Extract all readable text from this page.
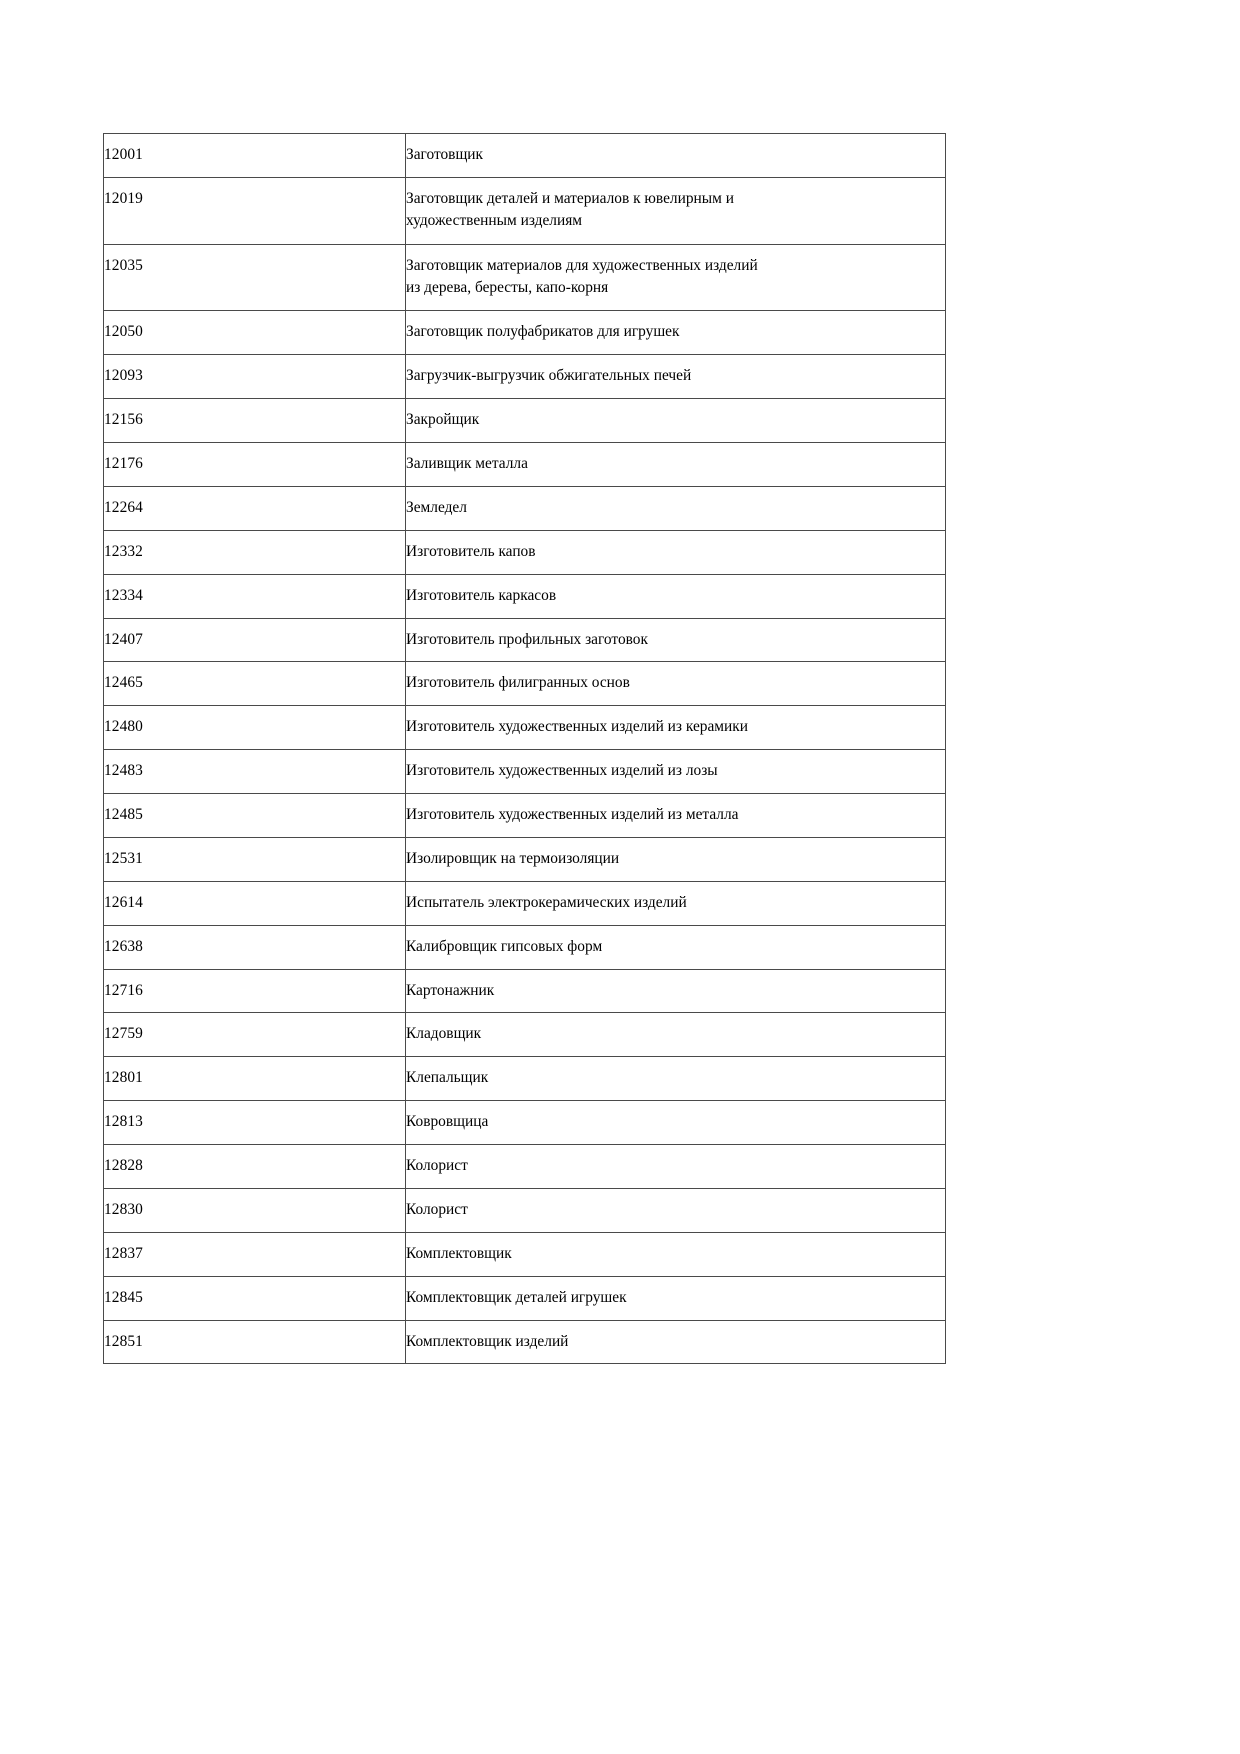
12001	Заготовщик
12019	Заготовщик деталей и материалов к ювелирным и
художественным изделиям

12035	Заготовщик материалов для художественных изделий
из дерева, бересты, капо-корня

12050	Заготовщик полуфабрикатов для игрушек
12093	Загрузчик-выгрузчик обжигательных печей
12156	Закройщик
12176	Заливщик металла
12264	Земледел
12332	Изготовитель капов
12334	Изготовитель каркасов
12407	Изготовитель профильных заготовок
12465	Изготовитель филигранных основ
12480	Изготовитель художественных изделий из керамики
12483	Изготовитель художественных изделий из лозы
12485	Изготовитель художественных изделий из металла
12531	Изолировщик на термоизоляции
12614	Испытатель электрокерамических изделий
12638	Калибровщик гипсовых форм
12716	Картонажник
12759	Кладовщик
12801	Клепальщик
12813	Ковровщица
12828	Колорист
12830	Колорист
12837	Комплектовщик
12845	Комплектовщик деталей игрушек
12851	Комплектовщик изделий
